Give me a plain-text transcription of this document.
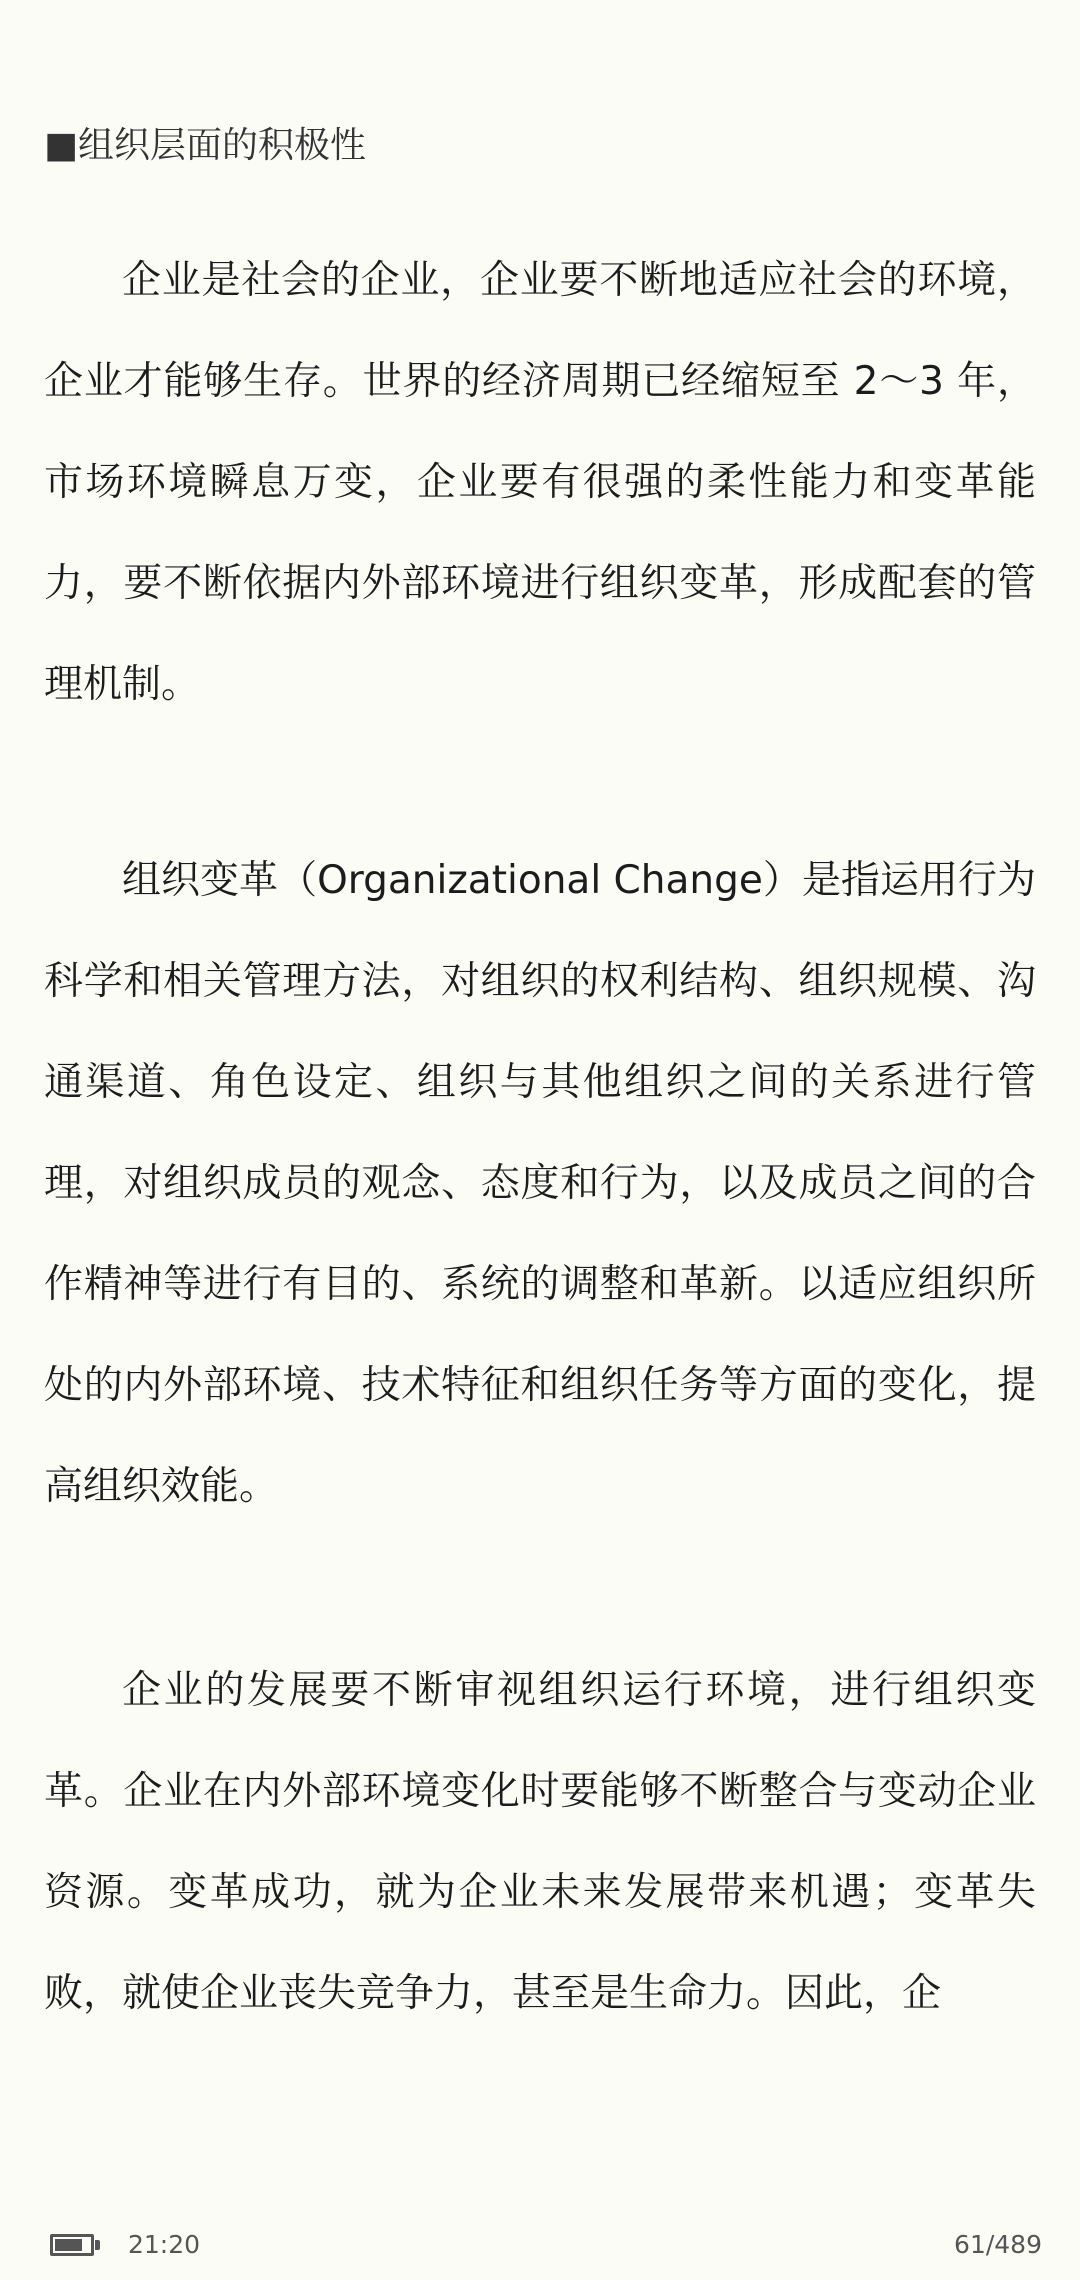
■组织层面的积极性

企业是社会的企业，企业要不断地适应社会的环境，企业才能够生存。世界的经济周期已经缩短至 2～3 年，市场环境瞬息万变，企业要有很强的柔性能力和变革能力，要不断依据内外部环境进行组织变革，形成配套的管理机制。

组织变革（Organizational Change）是指运用行为科学和相关管理方法，对组织的权利结构、组织规模、沟通渠道、角色设定、组织与其他组织之间的关系进行管理，对组织成员的观念、态度和行为，以及成员之间的合作精神等进行有目的、系统的调整和革新。以适应组织所处的内外部环境、技术特征和组织任务等方面的变化，提高组织效能。

企业的发展要不断审视组织运行环境，进行组织变革。企业在内外部环境变化时要能够不断整合与变动企业资源。变革成功，就为企业未来发展带来机遇；变革失败，就使企业丧失竞争力，甚至是生命力。因此，企

21:20	61/489
